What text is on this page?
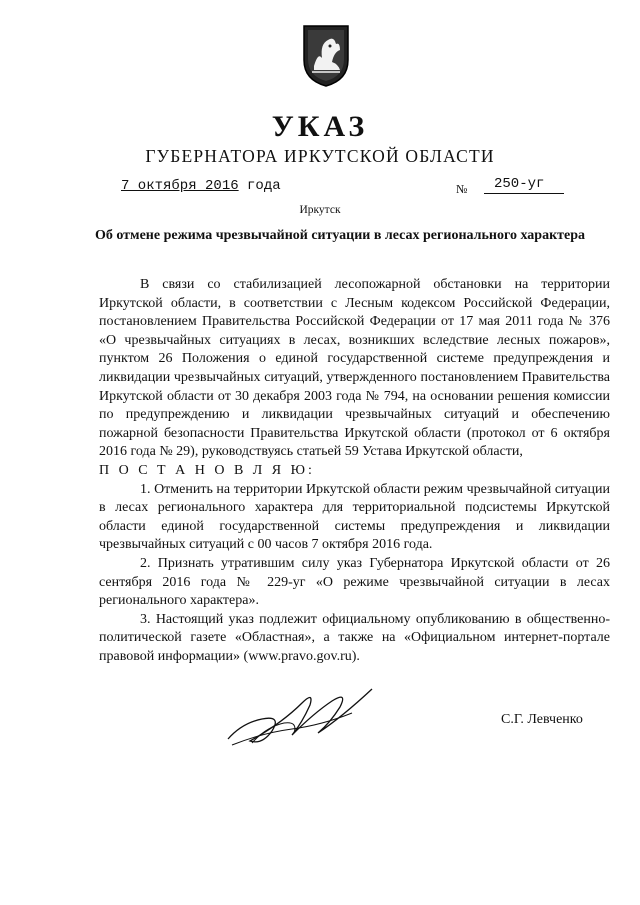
УКАЗ
ГУБЕРНАТОРА ИРКУТСКОЙ ОБЛАСТИ
7 октября 2016 года	№	250-уг
Иркутск
Об отмене режима чрезвычайной ситуации в лесах регионального характера

В связи со стабилизацией лесопожарной обстановки на территории Иркутской области, в соответствии с Лесным кодексом Российской Федерации, постановлением Правительства Российской Федерации от 17 мая 2011 года № 376 «О чрезвычайных ситуациях в лесах, возникших вследствие лесных пожаров», пунктом 26 Положения о единой государственной системе предупреждения и ликвидации чрезвычайных ситуаций, утвержденного постановлением Правительства Иркутской области от 30 декабря 2003 года № 794, на основании решения комиссии по предупреждению и ликвидации чрезвычайных ситуаций и обеспечению пожарной безопасности Правительства Иркутской области (протокол от 6 октября 2016 года № 29), руководствуясь статьей 59 Устава Иркутской области,

П О С Т А Н О В Л Я Ю:

1. Отменить на территории Иркутской области режим чрезвычайной ситуации в лесах регионального характера для территориальной подсистемы Иркутской области единой государственной системы предупреждения и ликвидации чрезвычайных ситуаций с 00 часов 7 октября 2016 года.

2. Признать утратившим силу указ Губернатора Иркутской области от 26 сентября 2016 года № 229-уг «О режиме чрезвычайной ситуации в лесах регионального характера».

3. Настоящий указ подлежит официальному опубликованию в общественно-политической газете «Областная», а также на «Официальном интернет-портале правовой информации» (www.pravo.gov.ru).

С.Г. Левченко
